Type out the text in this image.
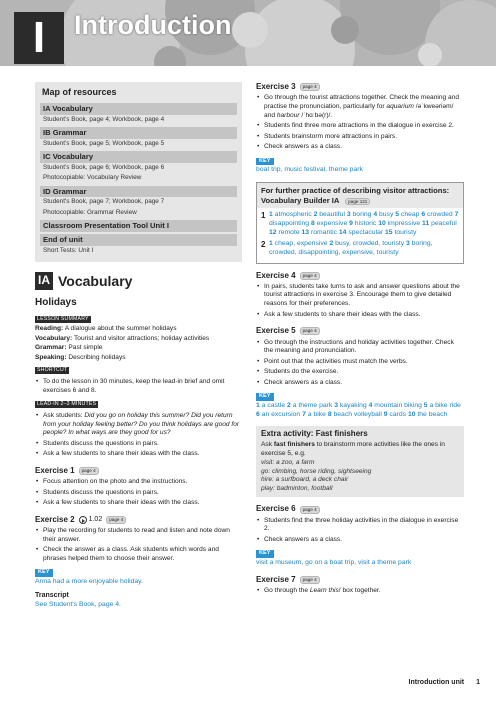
I	Introduction
Map of resources
IA Vocabulary
Student's Book, page 4; Workbook, page 4
IB Grammar
Student's Book, page 5; Workbook, page 5
IC Vocabulary
Student's Book, page 6; Workbook, page 6
Photocopiable: Vocabulary Review
ID Grammar
Student's Book, page 7; Workbook, page 7
Photocopiable: Grammar Review
Classroom Presentation Tool Unit I
End of unit
Short Tests: Unit I
IA Vocabulary
Holidays
LESSON SUMMARY
Reading: A dialogue about the summer holidays
Vocabulary: Tourist and visitor attractions; holiday activities
Grammar: Past simple
Speaking: Describing holidays
SHORTCUT
• To do the lesson in 30 minutes, keep the lead-in brief and omit exercises 6 and 8.
LEAD-IN 2–3 MINUTES
• Ask students: Did you go on holiday this summer? Did you return from your holiday feeling better? Do you think holidays are good for people? In what ways are they good for us?
• Students discuss the questions in pairs.
• Ask a few students to share their ideas with the class.
Exercise 1	page 4
• Focus attention on the photo and the instructions.
• Students discuss the questions in pairs.
• Ask a few students to share their ideas with the class.
Exercise 2 1.02	page 4
• Play the recording for students to read and listen and note down their answer.
• Check the answer as a class. Ask students which words and phrases helped them to choose their answer.
KEY
Anna had a more enjoyable holiday.
Transcript
See Student's Book, page 4.
Exercise 3	page 4
• Go through the tourist attractions together. Check the meaning and practise the pronunciation, particularly for aquarium /əˈkweəriəm/ and harbour /ˈhɑːbə(r)/.
• Students find three more attractions in the dialogue in exercise 2.
• Students brainstorm more attractions in pairs.
• Check answers as a class.
KEY
boat trip, music festival, theme park
For further practice of describing visitor attractions: Vocabulary Builder IA page 121
1 1 atmospheric 2 beautiful 3 boring 4 busy 5 cheap 6 crowded 7 disappointing 8 expensive 9 historic 10 impressive 11 peaceful 12 remote 13 romantic 14 spectacular 15 touristy
2 1 cheap, expensive 2 busy, crowded, touristy 3 boring, crowded, disappointing, expensive, touristy
Exercise 4	page 4
• In pairs, students take turns to ask and answer questions about the tourist attractions in exercise 3. Encourage them to give detailed reasons for their preferences.
• Ask a few students to share their ideas with the class.
Exercise 5	page 4
• Go through the instructions and holiday activities together. Check the meaning and pronunciation.
• Point out that the activities must match the verbs.
• Students do the exercise.
• Check answers as a class.
KEY
1 a castle 2 a theme park 3 kayaking 4 mountain biking 5 a bike ride 6 an excursion 7 a bike 8 beach volleyball 9 cards 10 the beach
Extra activity: Fast finishers
Ask fast finishers to brainstorm more activities like the ones in exercise 5, e.g.
visit: a zoo, a farm
go: climbing, horse riding, sightseeing
hire: a surfboard, a deck chair
play: badminton, football
Exercise 6	page 4
• Students find the three holiday activities in the dialogue in exercise 2.
• Check answers as a class.
KEY
visit a museum, go on a boat trip, visit a theme park
Exercise 7	page 4
• Go through the Learn this! box together.
Introduction unit 1
